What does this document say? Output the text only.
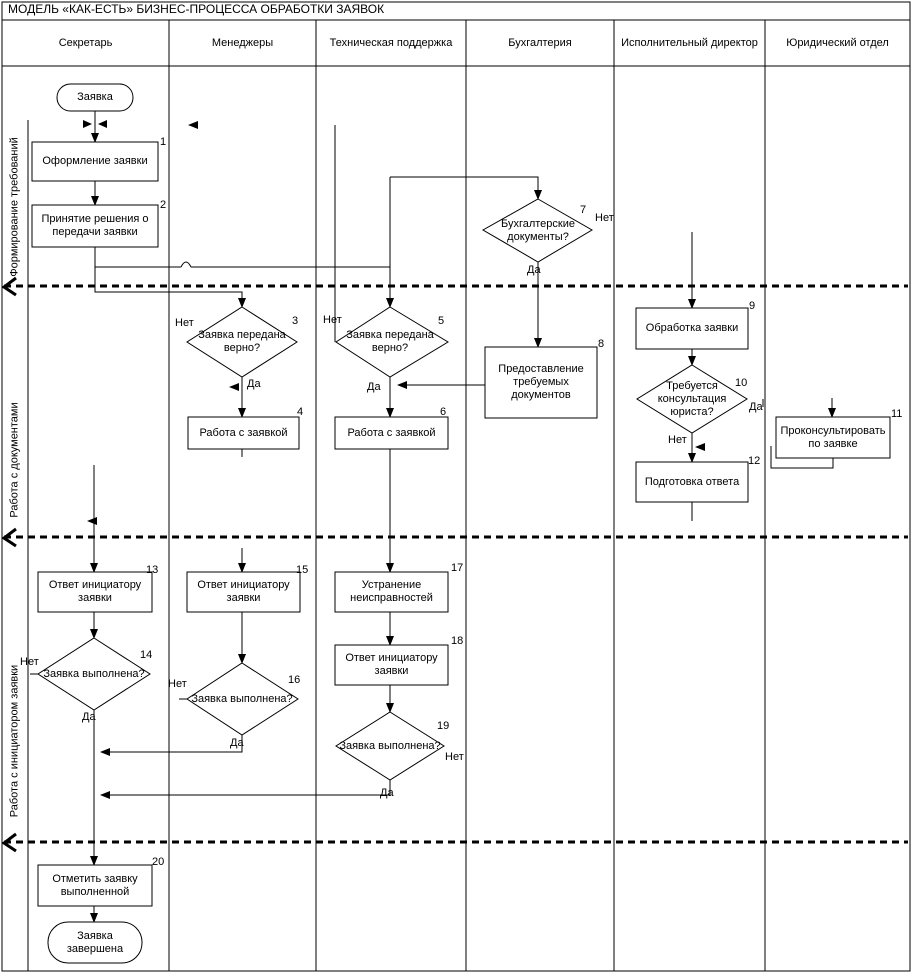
МОДЕЛЬ «КАК-ЕСТЬ» БИЗНЕС-ПРОЦЕССА ОБРАБОТКИ ЗАЯВОК
Секретарь	Менеджеры	Техническая поддержка	Бухгалтерия	Исполнительный директор	Юридический отдел
Формирование требований
Работа с документами
Работа с инициатором заявки
Заявка
Оформление заявки
Принятие решения о передачи заявки
Заявка передана верно?
Работа с заявкой
Заявка передана верно?
Работа с заявкой
Бухгалтерские документы?
Предоставление требуемых документов
Обработка заявки
Требуется консультация юриста?
Проконсультировать по заявке
Подготовка ответа
Ответ инициатору заявки
Заявка выполнена?
Ответ инициатору заявки
Заявка выполнена?
Устранение неисправностей
Ответ инициатору заявки
Заявка выполнена?
Отметить заявку выполненной
Заявка завершена
1
2
3
4
5
6
7
8
9
10
11
12
13
14
15
16
17
18
19
20
Нет
Да
Нет
Да
Нет
Да
Да
Нет
Нет
Да
Нет
Да
Нет
Да
